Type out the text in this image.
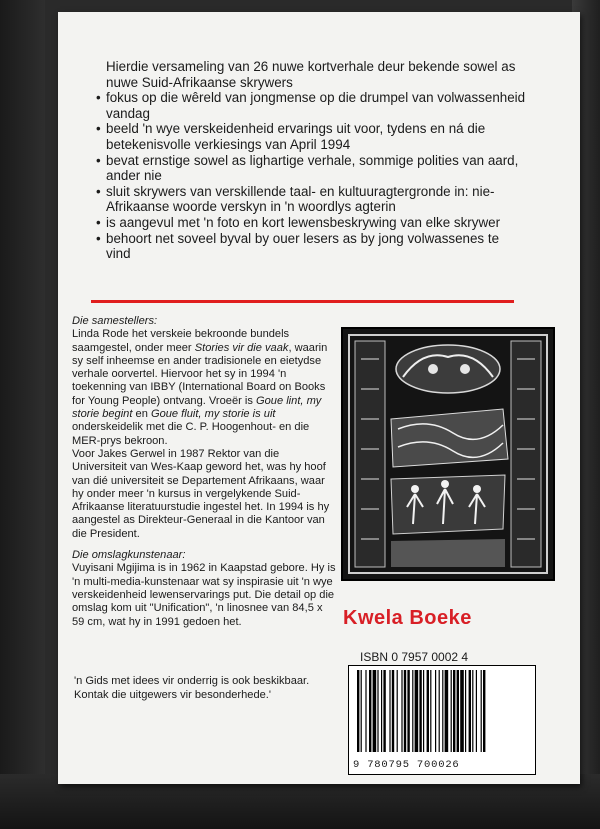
Hierdie versameling van 26 nuwe kortverhale deur bekende sowel as nuwe Suid-Afrikaanse skrywers

• fokus op die wêreld van jongmense op die drumpel van volwassenheid vandag
• beeld 'n wye verskeidenheid ervarings uit voor, tydens en ná die betekenisvolle verkiesings van April 1994
• bevat ernstige sowel as lighartige verhale, sommige polities van aard, ander nie
• sluit skrywers van verskillende taal- en kultuuragtergronde in: nie-Afrikaanse woorde verskyn in 'n woordlys agterin
• is aangevul met 'n foto en kort lewensbeskrywing van elke skrywer
• behoort net soveel byval by ouer lesers as by jong volwassenes te vind

Die samestellers:

Linda Rode het verskeie bekroonde bundels saamgestel, onder meer Stories vir die vaak, waarin sy self inheemse en ander tradisionele en eietydse verhale oorvertel. Hiervoor het sy in 1994 'n toekenning van IBBY (International Board on Books for Young People) ontvang. Vroeër is Goue lint, my storie begint en Goue fluit, my storie is uit onderskeidelik met die C. P. Hoogenhout- en die MER-prys bekroon.

Voor Jakes Gerwel in 1987 Rektor van die Universiteit van Wes-Kaap geword het, was hy hoof van dié universiteit se Departement Afrikaans, waar hy onder meer 'n kursus in vergelykende Suid-Afrikaanse literatuurstudie ingestel het. In 1994 is hy aangestel as Direkteur-Generaal in die Kantoor van die President.

Die omslagkunstenaar:

Vuyisani Mgijima is in 1962 in Kaapstad gebore. Hy is 'n multi-media-kunstenaar wat sy inspirasie uit 'n wye verskeidenheid lewenservarings put. Die detail op die omslag kom uit "Unification", 'n linosnee van 84,5 x 59 cm, wat hy in 1991 gedoen het.	Kwela Boeke
ISBN 0 7957 0002 4
9 780795 700026

'n Gids met idees vir onderrig is ook beskikbaar. Kontak die uitgewers vir besonderhede.'
